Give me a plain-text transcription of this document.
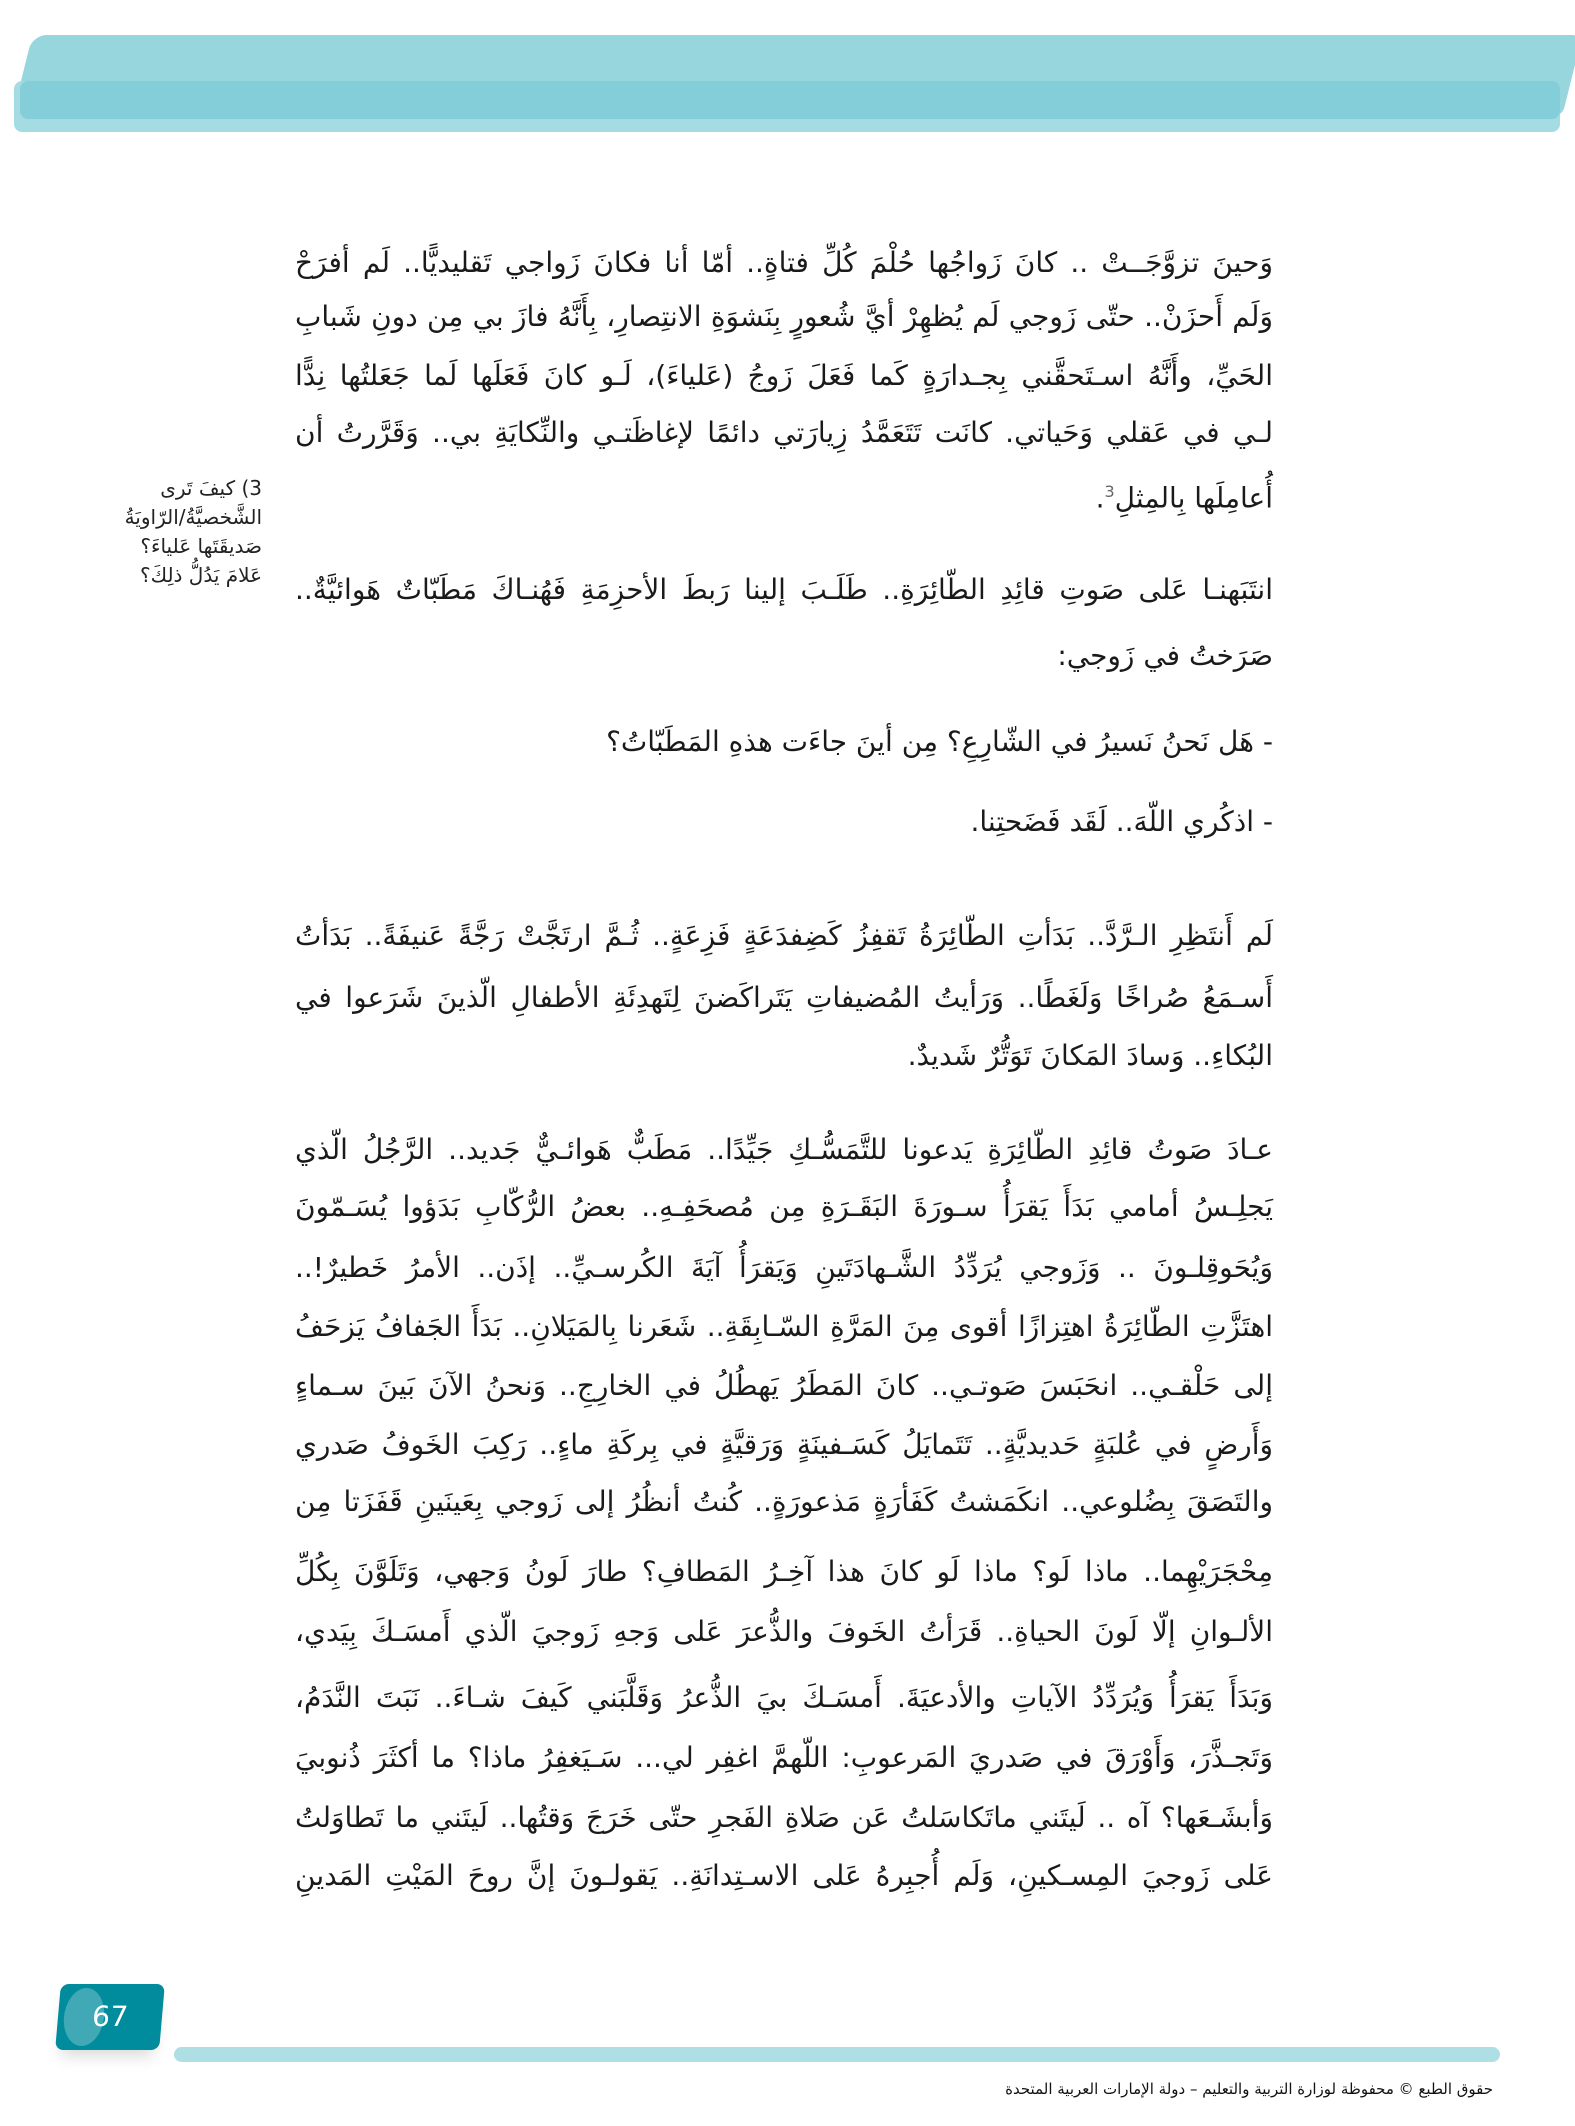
3) كيفَ تَرى
الشَّخصيَّةُ/الرّاويَةُ
صَديقَتَها عَلياءَ؟
عَلامَ يَدُلُّ ذلِكَ؟
وَحينَ تزوَّجَــتْ .. كانَ زَواجُها حُلْمَ كُلِّ فتاةٍ.. أمّا أنا فكانَ زَواجي تَقليديًّا.. لَم أفرَحْ
وَلَم أَحزَنْ.. حتّى زَوجي لَم يُظهِرْ أيَّ شُعورٍ بِنَشوَةِ الانتِصارِ، بِأَنَّهُ فازَ بي مِن دونِ شَبابِ
الحَيِّ، وأَنَّهُ اسـتَحقَّني بِجـدارَةٍ كَما فَعَلَ زَوجُ (عَلياءَ)، لَـو كانَ فَعَلَها لَما جَعَلتُها نِدًّا
لـي في عَقلي وَحَياتي. كانَت تَتَعَمَّدُ زِيارَتي دائمًا لإغاظَتـي والنِّكايَةِ بي.. وَقَرَّرتُ أن
أُعامِلَها بِالمِثلِ$^3$.
انتَبَهنـا عَلى صَوتِ قائِدِ الطّائِرَةِ.. طَلَـبَ إلينا رَبطَ الأحزِمَةِ فَهُنـاكَ مَطَبّاتٌ هَوائيَّةٌ..
صَرَختُ في زَوجي:
- هَل نَحنُ نَسيرُ في الشّارِعِ؟ مِن أينَ جاءَت هذهِ المَطَبّاتُ؟
- اذكُري اللّهَ.. لَقَد فَضَحتِنا.
لَم أَنتَظِرِ الـرَّدَّ.. بَدَأتِ الطّائِرَةُ تَقفِزُ كَضِفدَعَةٍ فَزِعَةٍ.. ثُـمَّ ارتَجَّتْ رَجَّةً عَنيفَةً.. بَدَأتُ
أَسـمَعُ صُراخًا وَلَغَطًا.. وَرَأيتُ المُضيفاتِ يَتَراكَضنَ لِتَهدِئَةِ الأطفالِ الّذينَ شَرَعوا في
البُكاءِ.. وَسادَ المَكانَ تَوَتُّرٌ شَديدٌ.
عـادَ صَوتُ قائِدِ الطّائِرَةِ يَدعونا للتَّمَسُّـكِ جَيِّدًا.. مَطَبٌّ هَوائـيٌّ جَديد.. الرَّجُلُ الّذي
يَجلِـسُ أمامي بَدَأَ يَقرَأُ سـورَةَ البَقَـرَةِ مِن مُصحَفِـهِ.. بعضُ الرُّكّابِ بَدَؤوا يُسَـمّونَ
وَيُحَوقِلـونَ .. وَزَوجي يُرَدِّدُ الشَّـهادَتَينِ وَيَقرَأُ آيَةَ الكُرسـيِّ.. إذَن.. الأمرُ خَطيرٌ!..
اهتَزَّتِ الطّائِرَةُ اهتِزازًا أقوى مِنَ المَرَّةِ السّـابِقَةِ.. شَعَرنا بِالمَيَلانِ.. بَدَأَ الجَفافُ يَزحَفُ
إلى حَلْقـي.. انحَبَسَ صَوتـي.. كانَ المَطَرُ يَهطُلُ في الخارِجِ.. وَنحنُ الآنَ بَينَ سـماءٍ
وَأَرضٍ في عُلبَةٍ حَديديَّةٍ.. تَتَمايَلُ كَسَـفينَةٍ وَرَقيَّةٍ في بِركَةِ ماءٍ.. رَكِبَ الخَوفُ صَدري
والتَصَقَ بِضُلوعي.. انكَمَشتُ كَفَأرَةٍ مَذعورَةٍ.. كُنتُ أنظُرُ إلى زَوجي بِعَينَينِ قَفَزَتا مِن
مِحْجَرَيْهِما.. ماذا لَو؟ ماذا لَو كانَ هذا آخِـرُ المَطافِ؟ طارَ لَونُ وَجهي، وَتَلَوَّنَ بِكُلِّ
الألـوانِ إلّا لَونَ الحياةِ.. قَرَأتُ الخَوفَ والذُّعرَ عَلى وَجهِ زَوجيَ الّذي أَمسَـكَ بِيَدي،
وَبَدَأَ يَقرَأُ وَيُرَدِّدُ الآياتِ والأدعيَةَ. أَمسَـكَ بيَ الذُّعرُ وَقَلَّبَني كَيفَ شـاءَ.. نَبَتَ النَّدَمُ،
وَتَجـذَّرَ، وَأَوْرَقَ في صَدريَ المَرعوبِ: اللّهمَّ اغفِر لي... سَـيَغفِرُ ماذا؟ ما أكثَرَ ذُنوبيَ
وَأبشَـعَها؟ آه .. لَيتَني ماتَكاسَلتُ عَن صَلاةِ الفَجرِ حتّى خَرَجَ وَقتُها.. لَيتَني ما تَطاوَلتُ
عَلى زَوجيَ المِسـكينِ، وَلَم أُجبِرهُ عَلى الاسـتِدانَةِ.. يَقولـونَ إنَّ روحَ المَيْتِ المَدينِ
67
حقوق الطبع © محفوظة لوزارة التربية والتعليم – دولة الإمارات العربية المتحدة
